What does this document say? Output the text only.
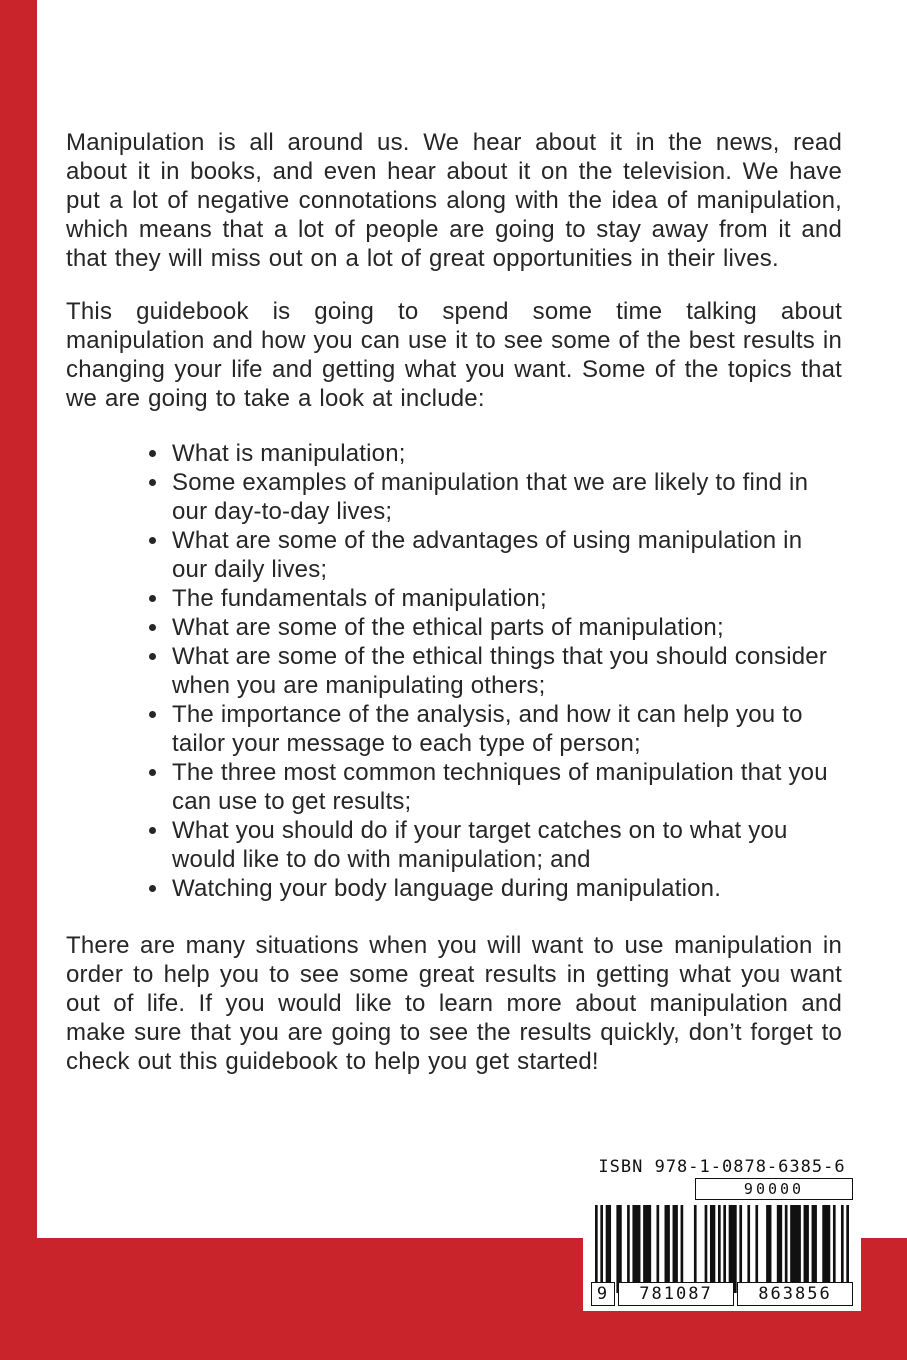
Manipulation is all around us. We hear about it in the news, read about it in books, and even hear about it on the television. We have put a lot of negative connotations along with the idea of manipulation, which means that a lot of people are going to stay away from it and that they will miss out on a lot of great opportunities in their lives.

This guidebook is going to spend some time talking about manipulation and how you can use it to see some of the best results in changing your life and getting what you want. Some of the topics that we are going to take a look at include:

• What is manipulation;
• Some examples of manipulation that we are likely to find in our day-to-day lives;
• What are some of the advantages of using manipulation in our daily lives;
• The fundamentals of manipulation;
• What are some of the ethical parts of manipulation;
• What are some of the ethical things that you should consider when you are manipulating others;
• The importance of the analysis, and how it can help you to tailor your message to each type of person;
• The three most common techniques of manipulation that you can use to get results;
• What you should do if your target catches on to what you would like to do with manipulation; and
• Watching your body language during manipulation.

There are many situations when you will want to use manipulation in order to help you to see some great results in getting what you want out of life. If you would like to learn more about manipulation and make sure that you are going to see the results quickly, don’t forget to check out this guidebook to help you get started!

ISBN 978-1-0878-6385-6
90000
9	781087	863856
